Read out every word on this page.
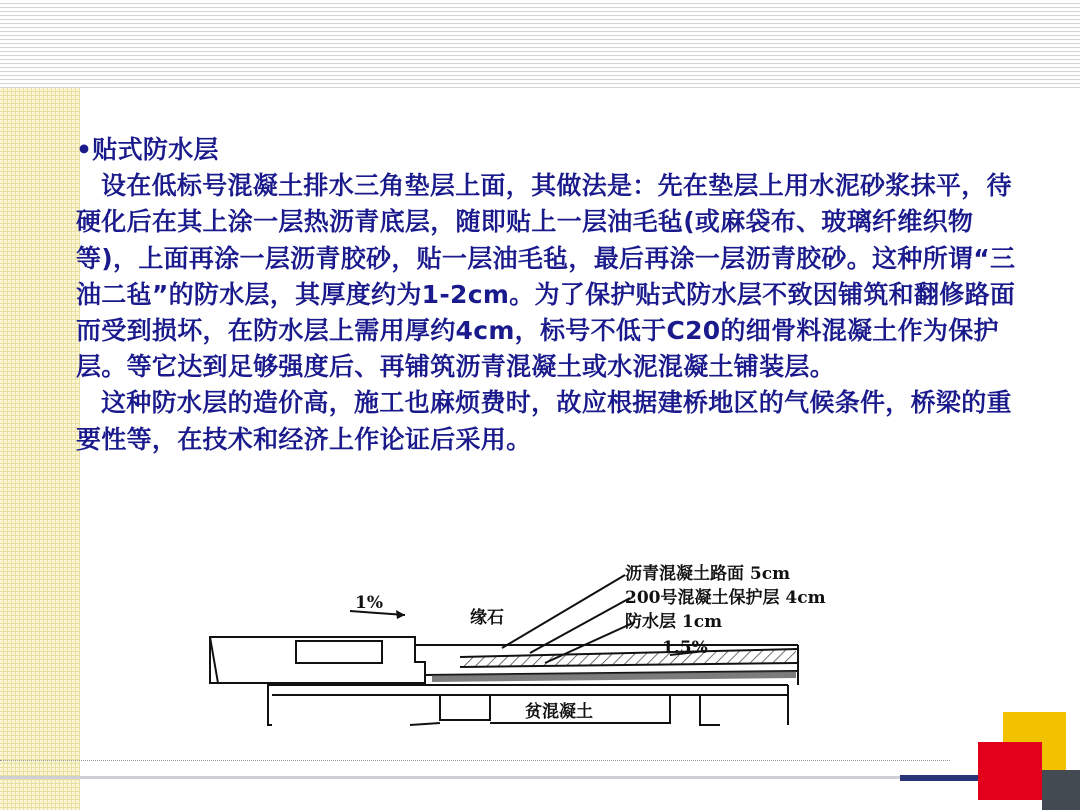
•贴式防水层

设在低标号混凝土排水三角垫层上面，其做法是：先在垫层上用水泥砂浆抹平，待硬化后在其上涂一层热沥青底层，随即贴上一层油毛毡(或麻袋布、玻璃纤维织物等)，上面再涂一层沥青胶砂，贴一层油毛毡，最后再涂一层沥青胶砂。这种所谓“三油二毡”的防水层，其厚度约为1-2cm。为了保护贴式防水层不致因铺筑和翻修路面而受到损坏，在防水层上需用厚约4cm，标号不低于C20的细骨料混凝土作为保护层。等它达到足够强度后、再铺筑沥青混凝土或水泥混凝土铺装层。

这种防水层的造价高，施工也麻烦费时，故应根据建桥地区的气候条件，桥梁的重要性等，在技术和经济上作论证后采用。

沥青混凝土路面 5cm
200号混凝土保护层 4cm
防水层 1cm
缘石
1%
1.5%
贫混凝土
